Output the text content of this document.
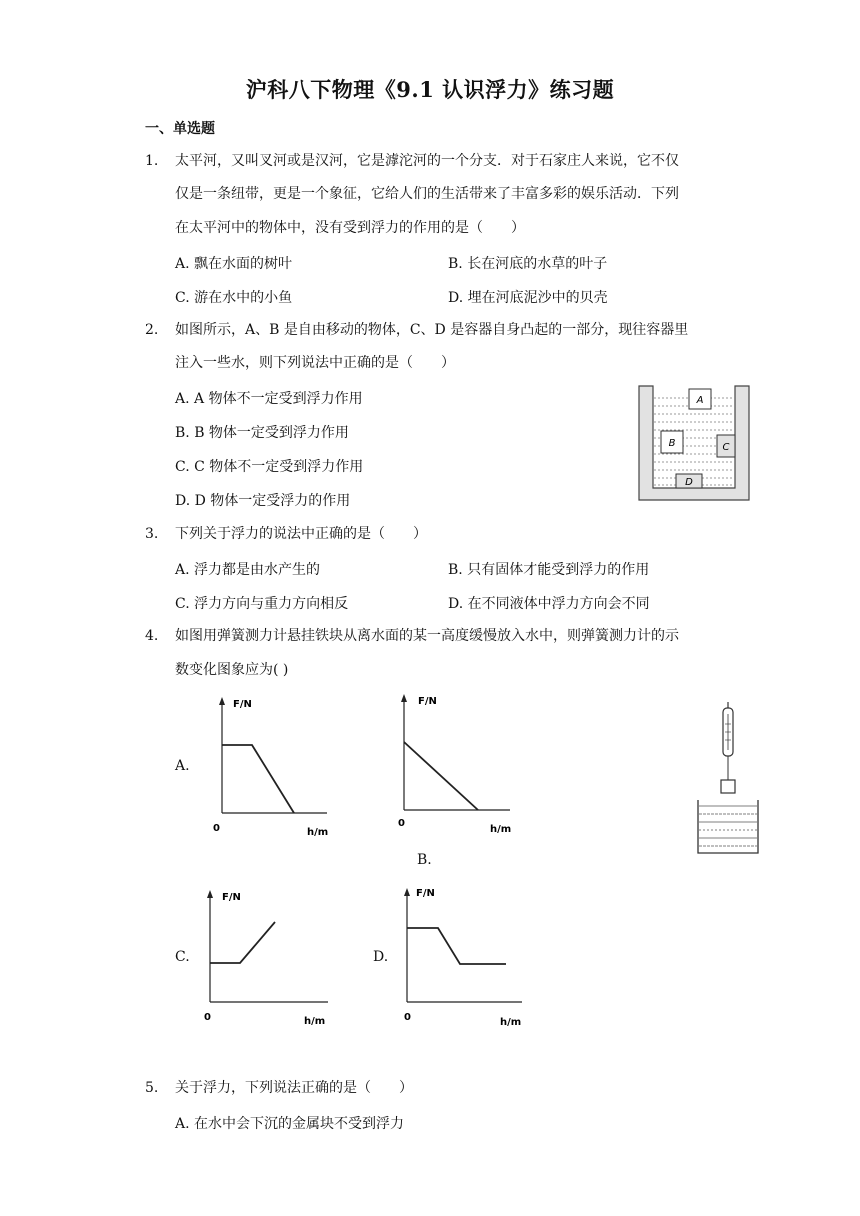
沪科八下物理《9.1 认识浮力》练习题
一、单选题
1. 太平河，又叫叉河或是汉河，它是滹沱河的一个分支．对于石家庄人来说，它不仅
仅是一条纽带，更是一个象征，它给人们的生活带来了丰富多彩的娱乐活动．下列
在太平河中的物体中，没有受到浮力的作用的是（　　）
A. 飘在水面的树叶	B. 长在河底的水草的叶子
C. 游在水中的小鱼	D. 埋在河底泥沙中的贝壳
2. 如图所示，A、B 是自由移动的物体，C、D 是容器自身凸起的一部分，现往容器里
注入一些水，则下列说法中正确的是（　　）
A. A 物体不一定受到浮力作用
B. B 物体一定受到浮力作用
C. C 物体不一定受到浮力作用
D. D 物体一定受浮力的作用
A
B	C
D
3. 下列关于浮力的说法中正确的是（　　）
A. 浮力都是由水产生的	B. 只有固体才能受到浮力的作用
C. 浮力方向与重力方向相反	D. 在不同液体中浮力方向会不同
4. 如图用弹簧测力计悬挂铁块从离水面的某一高度缓慢放入水中，则弹簧测力计的示
数变化图象应为( )
A.
B.
C.	D.
F/N
0	h/m
F/N
0
h/m
F/N
0	h/m
F/N
0	h/m
5. 关于浮力，下列说法正确的是（　　）
A. 在水中会下沉的金属块不受到浮力
